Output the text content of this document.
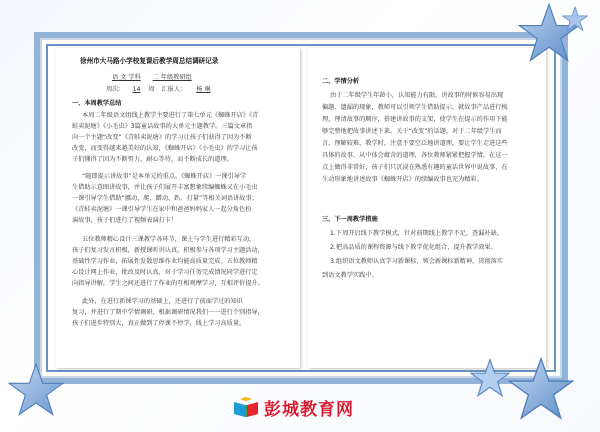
徐州市大马路小学校复课后教学周总结调研记录
语 文 学科 二 年级教研组
周次： 14 周 汇报人： 杨 琳
一、本周教学总结
本周二年级语文组线上教学主要进行了第七单元《蜘蛛开店》《青
蛙卖泥塘》《小毛虫》3篇童话故事的大单元主题教学。三篇文章指
向一个主题“改变”《青蛙卖泥塘》的学习让孩子们获得了因为不断
改变，而变得越来越美好的认知，《蜘蛛开店》《小毛虫》的学习让孩
子们懂得了因为不断努力，耐心等待，而不断成长的道理。
“随即提示讲故事”是本单元的重点。《蜘蛛开店》一课引导学
生借助示意图讲故事，并让孩子们展开丰富想象续编蜘蛛又在小毛虫
一课引导学生借助“挪动、爬、蹭动、趴、打量”等相关词语讲故事；
《青蛙卖泥塘》一课引导学生在家中和爸爸妈妈家人一起分角色扮
演故事，孩子们进行了视频表演打卡！
五位教师精心设计三课教学各环节，课上与学生进行精彩互动，
孩子们复习发言积极，新授课听讲认真，积极参与各项学习主题活动，
基础性学习作业，拓展性发散思维作业均能高质量完成。五位教师精
心设计网上作业，批改及时认真，对于学习任务完成情况同学进行定
向指导讲解，学生之间还进行了作业的互相观摩学习，互相评价提升。
此外，在进行新课学习的基础上，还进行了前面学过的知识
复习，并进行了期中学情调研，根据调研情况我们一一进行个别指导，
孩子们进步特别大，真正做到了停课不停学，线上学习高质量。
二、学情分析
由于二年级学生年龄小，认知能力有限，讲故事的时候容易出现
偏题、遗漏的现象，教师可以引领学生借助提示，就故事产品进行梳
理，理清故事的顺序，搭建讲故事的支架，使学生在提示的作用下能
够完整地把故事讲述下来。关于“改变”的话题，对于二年级学生而
言，理解较难，教学时，注意不要空泛地讲道理，要让学生走进这些
具体的故事，从中体会蕴含的道理，各位教师紧紧把握学情，在这一
点上做得非常好，孩子们只沉浸在熟悉有趣的童话世界中说故事，在
生动形象地讲述故事《蜘蛛开店》的续编故事也充为精彩。
三、下一周教学措施
1.下周开启线下教学模式，针对前期线上教学不足，查漏补缺。
2.把高品质的课程资源与线下教学优化组合，提升教学效果。
3.组织语文教师认真学习新课标，领会新课标新精神，贯彻落实
到语文教学实践中。
彭城教育网
